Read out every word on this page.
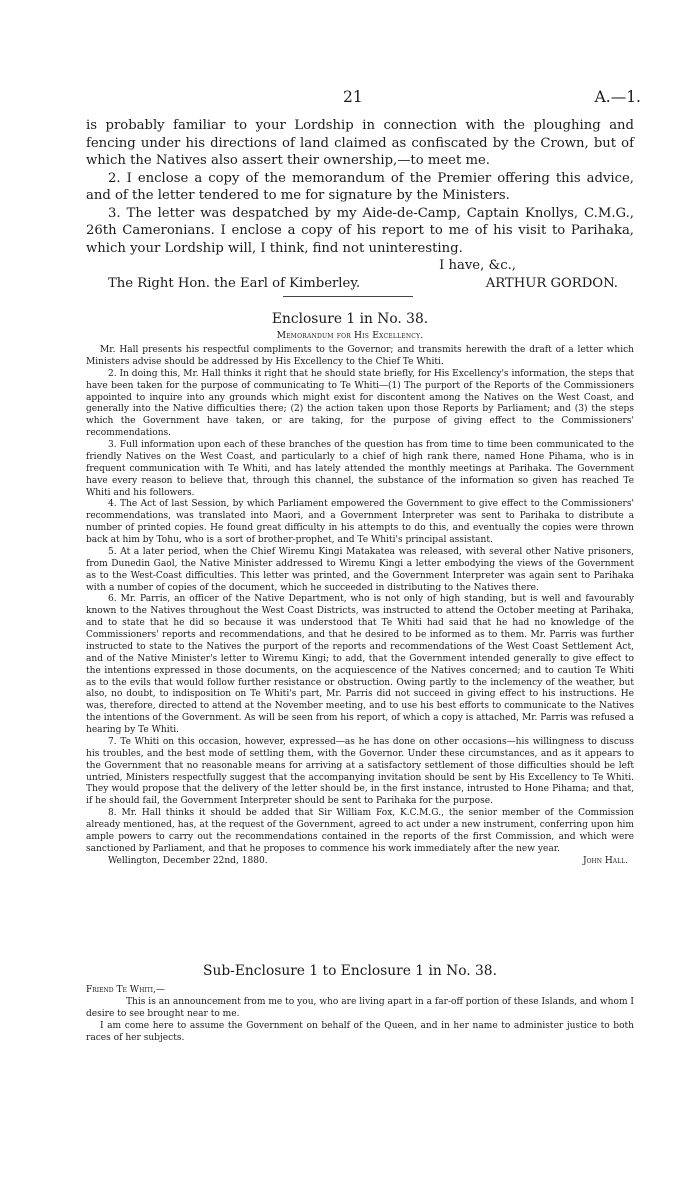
21	A.—1.

is probably familiar to your Lordship in connection with the ploughing and fencing under his directions of land claimed as confiscated by the Crown, but of which the Natives also assert their ownership,—to meet me.

2. I enclose a copy of the memorandum of the Premier offering this advice, and of the letter tendered to me for signature by the Ministers.

3. The letter was despatched by my Aide-de-Camp, Captain Knollys, C.M.G., 26th Cameronians. I enclose a copy of his report to me of his visit to Parihaka, which your Lordship will, I think, find not uninteresting.

I have, &c.,

The Right Hon. the Earl of Kimberley.	ARTHUR GORDON.
Enclosure 1 in No. 38.
Memorandum for His Excellency.

Mr. Hall presents his respectful compliments to the Governor; and transmits herewith the draft of a letter which Ministers advise should be addressed by His Excellency to the Chief Te Whiti.

2. In doing this, Mr. Hall thinks it right that he should state briefly, for His Excellency's information, the steps that have been taken for the purpose of communicating to Te Whiti—(1) The purport of the Reports of the Commissioners appointed to inquire into any grounds which might exist for discontent among the Natives on the West Coast, and generally into the Native difficulties there; (2) the action taken upon those Reports by Parliament; and (3) the steps which the Government have taken, or are taking, for the purpose of giving effect to the Commissioners' recommendations.

3. Full information upon each of these branches of the question has from time to time been communicated to the friendly Natives on the West Coast, and particularly to a chief of high rank there, named Hone Pihama, who is in frequent communication with Te Whiti, and has lately attended the monthly meetings at Parihaka. The Government have every reason to believe that, through this channel, the substance of the information so given has reached Te Whiti and his followers.

4. The Act of last Session, by which Parliament empowered the Government to give effect to the Commissioners' recommendations, was translated into Maori, and a Government Interpreter was sent to Parihaka to distribute a number of printed copies. He found great difficulty in his attempts to do this, and eventually the copies were thrown back at him by Tohu, who is a sort of brother-prophet, and Te Whiti's principal assistant.

5. At a later period, when the Chief Wiremu Kingi Matakatea was released, with several other Native prisoners, from Dunedin Gaol, the Native Minister addressed to Wiremu Kingi a letter embodying the views of the Government as to the West-Coast difficulties. This letter was printed, and the Government Interpreter was again sent to Parihaka with a number of copies of the document, which he succeeded in distributing to the Natives there.

6. Mr. Parris, an officer of the Native Department, who is not only of high standing, but is well and favourably known to the Natives throughout the West Coast Districts, was instructed to attend the October meeting at Parihaka, and to state that he did so because it was understood that Te Whiti had said that he had no knowledge of the Commissioners' reports and recommendations, and that he desired to be informed as to them. Mr. Parris was further instructed to state to the Natives the purport of the reports and recommendations of the West Coast Settlement Act, and of the Native Minister's letter to Wiremu Kingi; to add, that the Government intended generally to give effect to the intentions expressed in those documents, on the acquiescence of the Natives concerned; and to caution Te Whiti as to the evils that would follow further resistance or obstruction. Owing partly to the inclemency of the weather, but also, no doubt, to indisposition on Te Whiti's part, Mr. Parris did not succeed in giving effect to his instructions. He was, therefore, directed to attend at the November meeting, and to use his best efforts to communicate to the Natives the intentions of the Government. As will be seen from his report, of which a copy is attached, Mr. Parris was refused a hearing by Te Whiti.

7. Te Whiti on this occasion, however, expressed—as he has done on other occasions—his willingness to discuss his troubles, and the best mode of settling them, with the Governor. Under these circumstances, and as it appears to the Government that no reasonable means for arriving at a satisfactory settlement of those difficulties should be left untried, Ministers respectfully suggest that the accompanying invitation should be sent by His Excellency to Te Whiti. They would propose that the delivery of the letter should be, in the first instance, intrusted to Hone Pihama; and that, if he should fail, the Government Interpreter should be sent to Parihaka for the purpose.

8. Mr. Hall thinks it should be added that Sir William Fox, K.C.M.G., the senior member of the Commission already mentioned, has, at the request of the Government, agreed to act under a new instrument, conferring upon him ample powers to carry out the recommendations contained in the reports of the first Commission, and which were sanctioned by Parliament, and that he proposes to commence his work immediately after the new year.

Wellington, December 22nd, 1880.	John Hall.
Sub-Enclosure 1 to Enclosure 1 in No. 38.

Friend Te Whiti,—

This is an announcement from me to you, who are living apart in a far-off portion of these Islands, and whom I desire to see brought near to me.

I am come here to assume the Government on behalf of the Queen, and in her name to administer justice to both races of her subjects.
